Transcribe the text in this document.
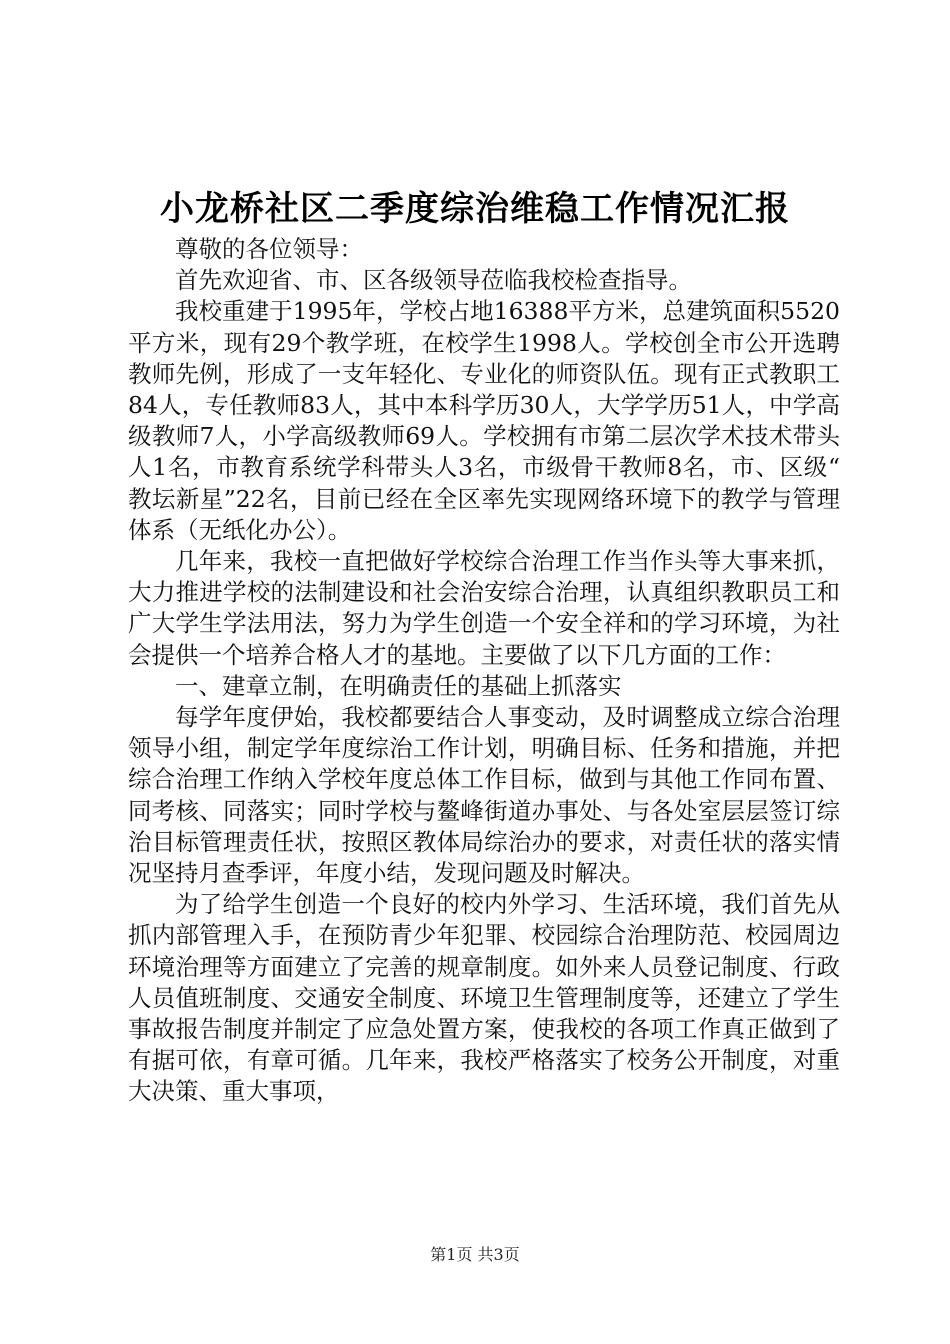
小龙桥社区二季度综治维稳工作情况汇报

尊敬的各位领导：

首先欢迎省、市、区各级领导莅临我校检查指导。

我校重建于1995年，学校占地16388平方米，总建筑面积5520平方米，现有29个教学班，在校学生1998人。学校创全市公开选聘教师先例，形成了一支年轻化、专业化的师资队伍。现有正式教职工84人，专任教师83人，其中本科学历30人，大学学历51人，中学高级教师7人，小学高级教师69人。学校拥有市第二层次学术技术带头人1名，市教育系统学科带头人3名，市级骨干教师8名，市、区级“教坛新星”22名，目前已经在全区率先实现网络环境下的教学与管理体系（无纸化办公）。

几年来，我校一直把做好学校综合治理工作当作头等大事来抓，大力推进学校的法制建设和社会治安综合治理，认真组织教职员工和广大学生学法用法，努力为学生创造一个安全祥和的学习环境，为社会提供一个培养合格人才的基地。主要做了以下几方面的工作：

一、建章立制，在明确责任的基础上抓落实

每学年度伊始，我校都要结合人事变动，及时调整成立综合治理领导小组，制定学年度综治工作计划，明确目标、任务和措施，并把综合治理工作纳入学校年度总体工作目标，做到与其他工作同布置、同考核、同落实；同时学校与鳌峰街道办事处、与各处室层层签订综治目标管理责任状，按照区教体局综治办的要求，对责任状的落实情况坚持月查季评，年度小结，发现问题及时解决。

为了给学生创造一个良好的校内外学习、生活环境，我们首先从抓内部管理入手，在预防青少年犯罪、校园综合治理防范、校园周边环境治理等方面建立了完善的规章制度。如外来人员登记制度、行政人员值班制度、交通安全制度、环境卫生管理制度等，还建立了学生事故报告制度并制定了应急处置方案，使我校的各项工作真正做到了有据可依，有章可循。几年来，我校严格落实了校务公开制度，对重大决策、重大事项，

第1页 共3页
